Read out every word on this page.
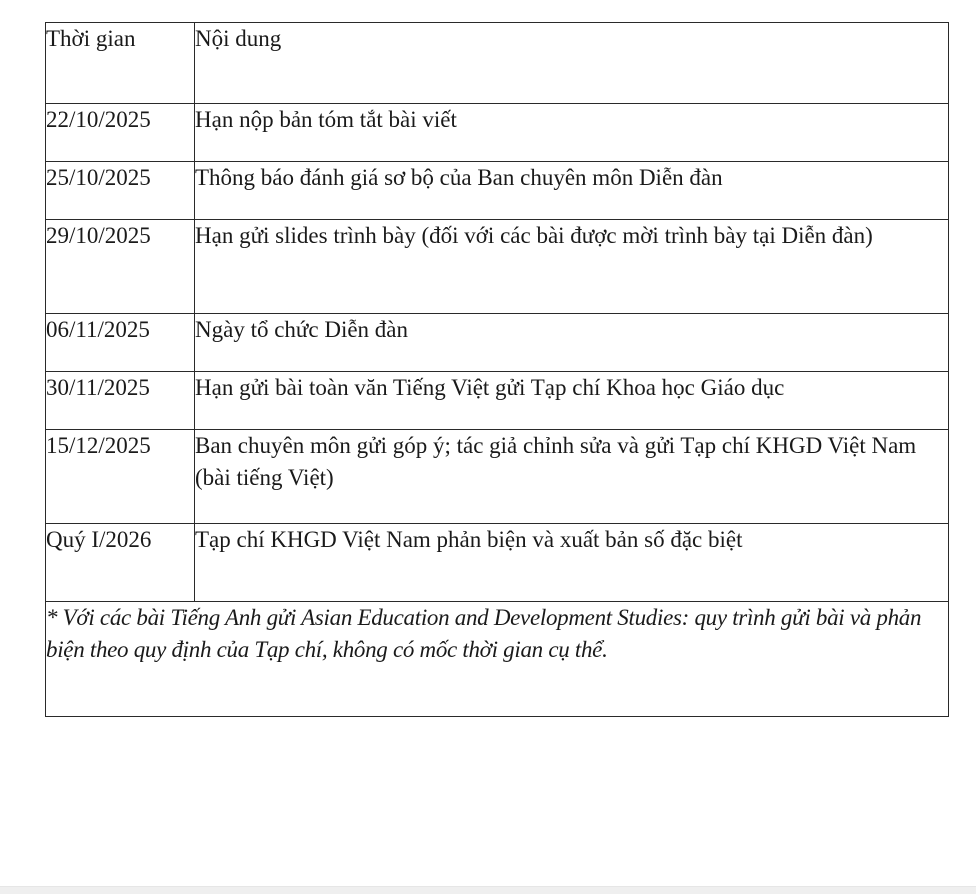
Thời gian	Nội dung

22/10/2025	Hạn nộp bản tóm tắt bài viết
25/10/2025	Thông báo đánh giá sơ bộ của Ban chuyên môn Diễn đàn
29/10/2025	Hạn gửi slides trình bày (đối với các bài được mời trình bày tại Diễn đàn)
06/11/2025	Ngày tổ chức Diễn đàn
30/11/2025	Hạn gửi bài toàn văn Tiếng Việt gửi Tạp chí Khoa học Giáo dục
15/12/2025	Ban chuyên môn gửi góp ý; tác giả chỉnh sửa và gửi Tạp chí KHGD Việt Nam (bài tiếng Việt)
Quý I/2026	Tạp chí KHGD Việt Nam phản biện và xuất bản số đặc biệt
* Với các bài Tiếng Anh gửi Asian Education and Development Studies: quy trình gửi bài và phản biện theo quy định của Tạp chí, không có mốc thời gian cụ thể.	
